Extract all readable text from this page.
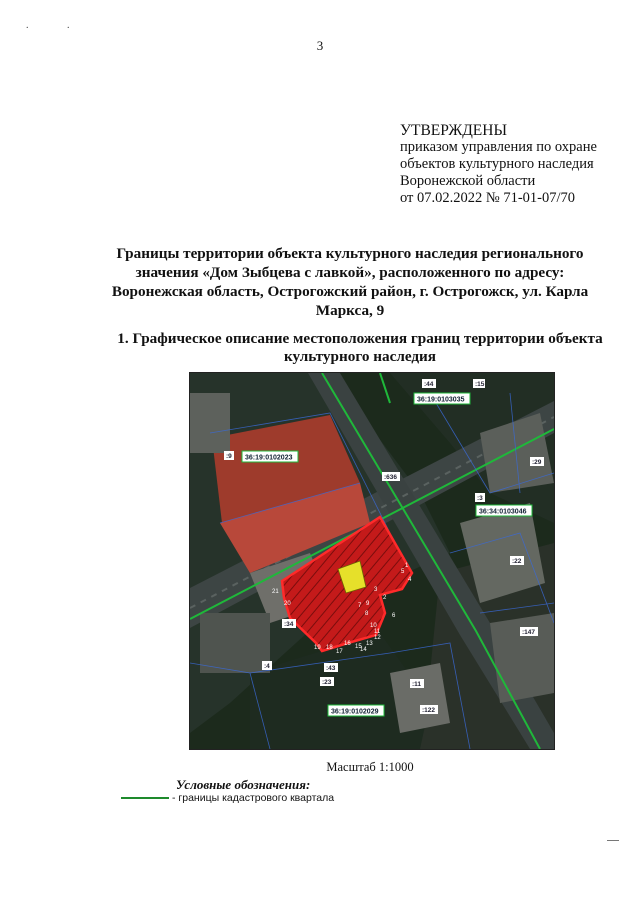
. .
3
УТВЕРЖДЕНЫ
приказом управления по охране
объектов культурного наследия
Воронежской области
от 07.02.2022 № 71-01-07/70
Границы территории объекта культурного наследия регионального
значения «Дом Зыбцева с лавкой», расположенного по адресу:
Воронежская область, Острогожский район, г. Острогожск, ул. Карла
Маркса, 9
1. Графическое описание местоположения границ территории объекта
культурного наследия
1
2
3
4
5
6
7
8
9
10
11
12
13
14
15
16
17
18
19
20
21
:44	:15
:9
:29
:636
:3
:22
:147
:34
:4
:11
:23
:43
:122
36:19:0103035
36:19:0102023
36:34:0103046
36:19:0102029
Масштаб 1:1000
Условные обозначения:
- границы кадастрового квартала
